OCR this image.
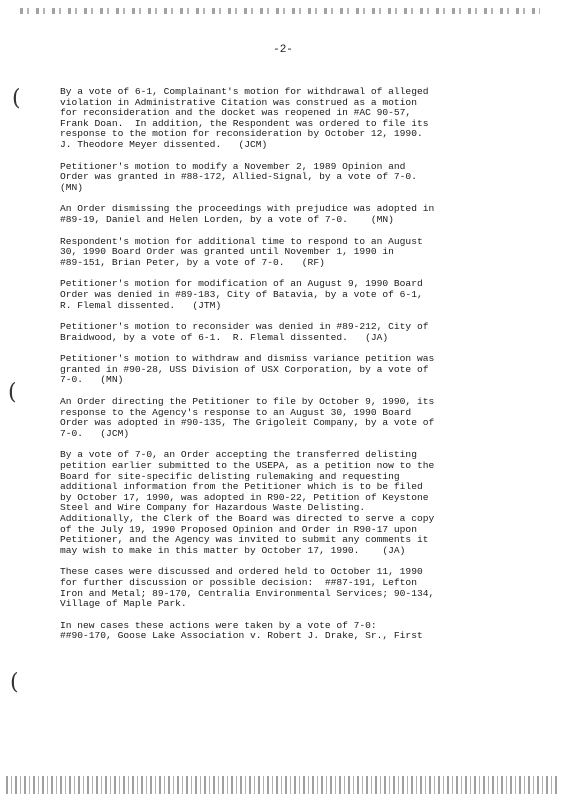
-2-
(
(
(

By a vote of 6-1, Complainant's motion for withdrawal of alleged
violation in Administrative Citation was construed as a motion
for reconsideration and the docket was reopened in #AC 90-57,
Frank Doan.  In addition, the Respondent was ordered to file its
response to the motion for reconsideration by October 12, 1990.
J. Theodore Meyer dissented.   (JCM)

Petitioner's motion to modify a November 2, 1989 Opinion and
Order was granted in #88-172, Allied-Signal, by a vote of 7-0.
(MN)

An Order dismissing the proceedings with prejudice was adopted in
#89-19, Daniel and Helen Lorden, by a vote of 7-0.    (MN)

Respondent's motion for additional time to respond to an August
30, 1990 Board Order was granted until November 1, 1990 in
#89-151, Brian Peter, by a vote of 7-0.   (RF)

Petitioner's motion for modification of an August 9, 1990 Board
Order was denied in #89-183, City of Batavia, by a vote of 6-1,
R. Flemal dissented.   (JTM)

Petitioner's motion to reconsider was denied in #89-212, City of
Braidwood, by a vote of 6-1.  R. Flemal dissented.   (JA)

Petitioner's motion to withdraw and dismiss variance petition was
granted in #90-28, USS Division of USX Corporation, by a vote of
7-0.   (MN)

An Order directing the Petitioner to file by October 9, 1990, its
response to the Agency's response to an August 30, 1990 Board
Order was adopted in #90-135, The Grigoleit Company, by a vote of
7-0.   (JCM)

By a vote of 7-0, an Order accepting the transferred delisting
petition earlier submitted to the USEPA, as a petition now to the
Board for site-specific delisting rulemaking and requesting
additional information from the Petitioner which is to be filed
by October 17, 1990, was adopted in R90-22, Petition of Keystone
Steel and Wire Company for Hazardous Waste Delisting.
Additionally, the Clerk of the Board was directed to serve a copy
of the July 19, 1990 Proposed Opinion and Order in R90-17 upon
Petitioner, and the Agency was invited to submit any comments it
may wish to make in this matter by October 17, 1990.    (JA)

These cases were discussed and ordered held to October 11, 1990
for further discussion or possible decision:  ##87-191, Lefton
Iron and Metal; 89-170, Centralia Environmental Services; 90-134,
Village of Maple Park.

In new cases these actions were taken by a vote of 7-0:
##90-170, Goose Lake Association v. Robert J. Drake, Sr., First
